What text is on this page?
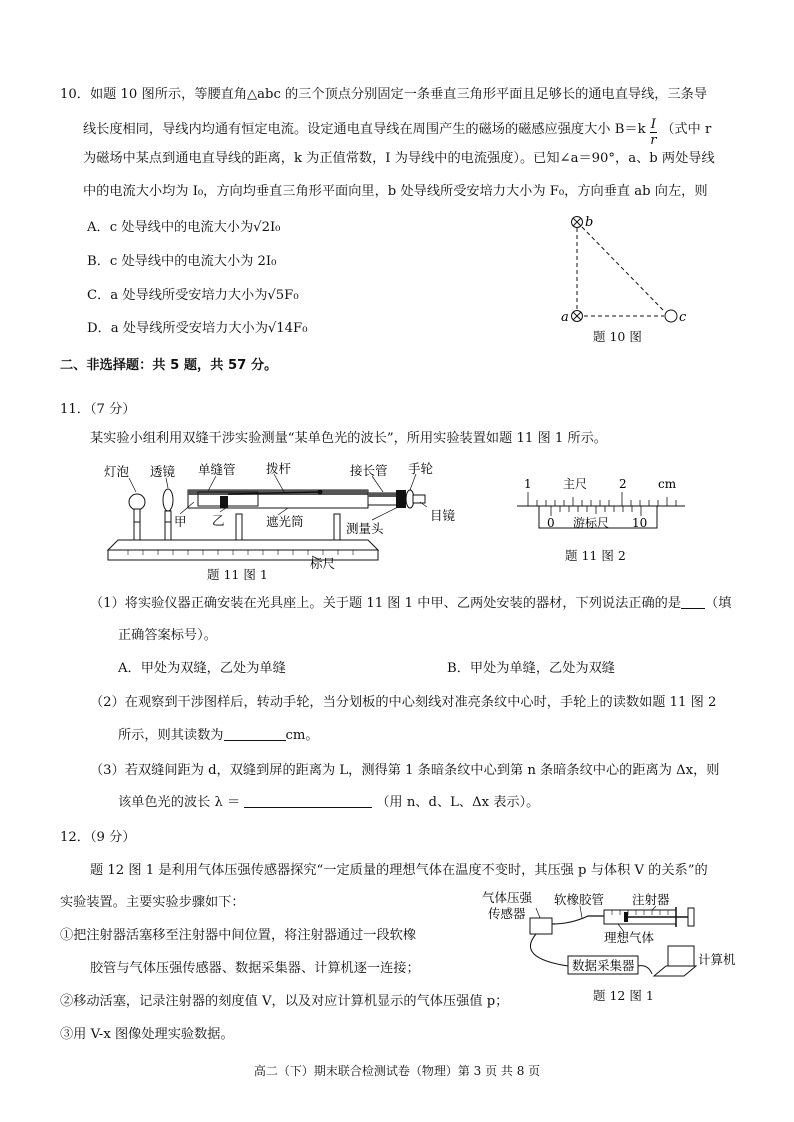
10．如题 10 图所示，等腰直角△abc 的三个顶点分别固定一条垂直三角形平面且足够长的通电直导线，三条导
线长度相同，导线内均通有恒定电流。设定通电直导线在周围产生的磁场的磁感应强度大小 $B=k \frac{I}{r}$ （式中 r
为磁场中某点到通电直导线的距离，k 为正值常数，I 为导线中的电流强度）。已知∠a＝90°，a、b 两处导线
中的电流大小均为 I₀，方向均垂直三角形平面向里，b 处导线所受安培力大小为 F₀，方向垂直 ab 向左，则
A．c 处导线中的电流大小为√2I₀
B．c 处导线中的电流大小为 2I₀
C．a 处导线所受安培力大小为√5F₀
D．a 处导线所受安培力大小为√14F₀
b
a	c
题 10 图
二、非选择题：共 5 题，共 57 分。
11．（7 分）
某实验小组利用双缝干涉实验测量“某单色光的波长”，所用实验装置如题 11 图 1 所示。
灯泡 透镜 单缝管 拨杆	接长管 手轮
甲 乙	遮光筒	目镜
测量头
标尺
题 11 图 1
1	主尺	2	cm
0 游标尺 10
题 11 图 2
（1）将实验仪器正确安装在光具座上。关于题 11 图 1 中甲、乙两处安装的器材，下列说法正确的是 （填
正确答案标号）。
A．甲处为双缝，乙处为单缝	B．甲处为单缝，乙处为双缝
（2）在观察到干涉图样后，转动手轮，当分划板的中心刻线对准亮条纹中心时，手轮上的读数如题 11 图 2
所示，则其读数为	cm。
（3）若双缝间距为 d，双缝到屏的距离为 L，测得第 1 条暗条纹中心到第 n 条暗条纹中心的距离为 Δx，则
该单色光的波长 λ ＝	（用 n、d、L、Δx 表示）。
12．（9 分）
题 12 图 1 是利用气体压强传感器探究“一定质量的理想气体在温度不变时，其压强 p 与体积 V 的关系”的
实验装置。主要实验步骤如下：
①把注射器活塞移至注射器中间位置，将注射器通过一段软橡
胶管与气体压强传感器、数据采集器、计算机逐一连接；
②移动活塞，记录注射器的刻度值 V，以及对应计算机显示的气体压强值 p；
③用 V-x 图像处理实验数据。
气体压强
传感器
软橡胶管 注射器
理想气体
数据采集器	计算机
题 12 图 1
高二（下）期末联合检测试卷（物理）第 3 页 共 8 页
